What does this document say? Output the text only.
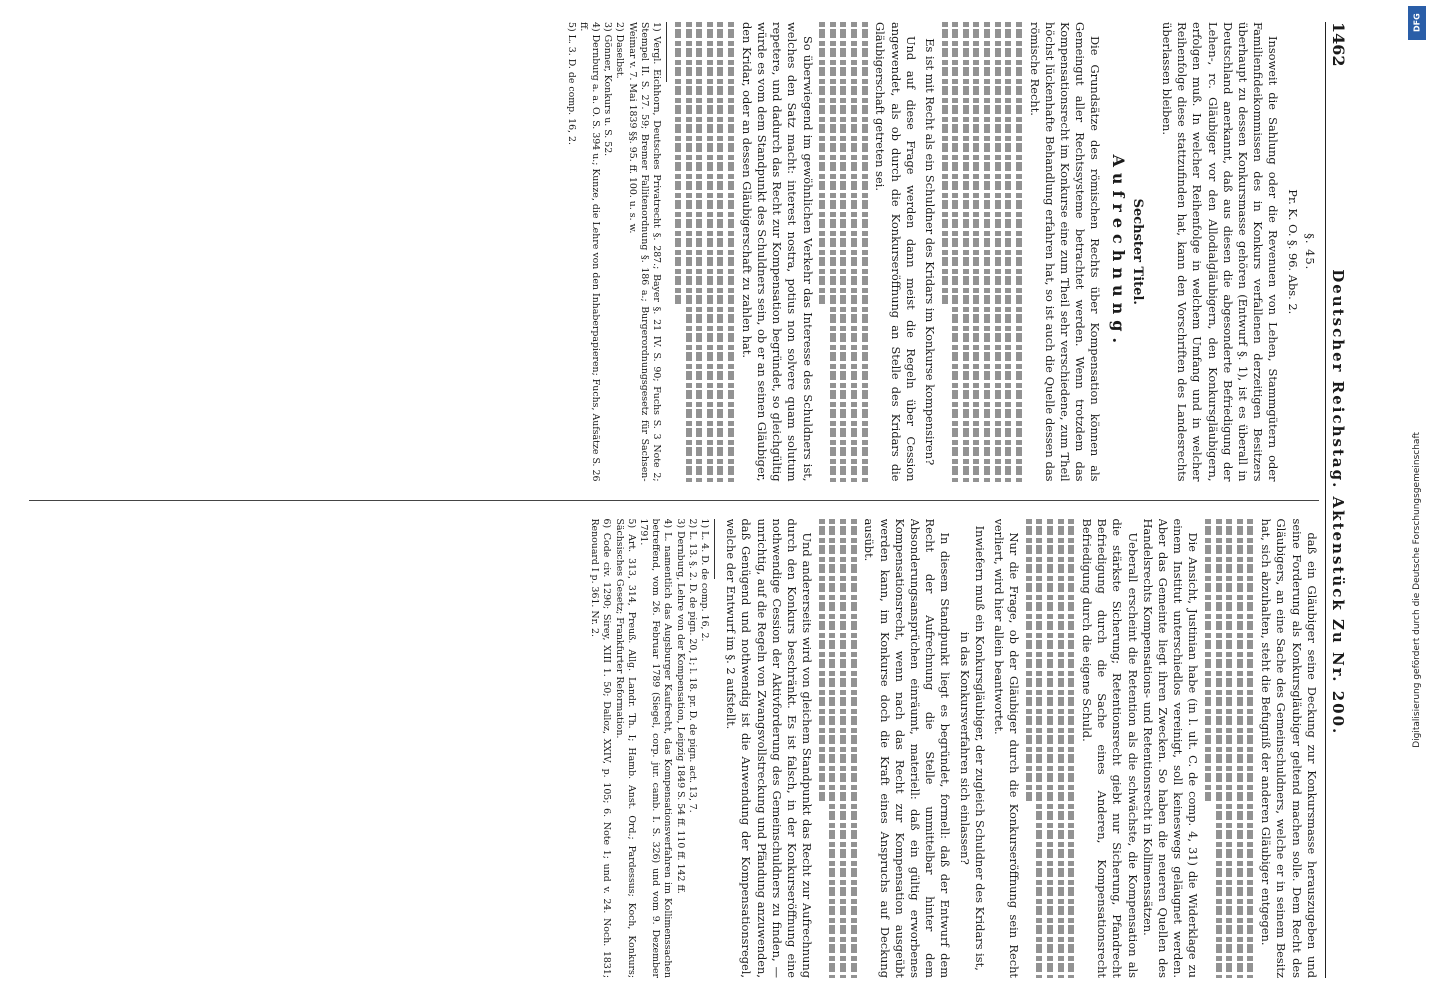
1462
Deutscher Reichstag. Aktenstück Zu Nr. 200.
§. 45.
Pr. K. O. §. 96. Abs. 2.

Insoweit die Sahlung oder die Revenuen von Lehen, Stammgütern oder Familienfideikommissen des in Konkurs verfallenen derzeitigen Besitzers überhaupt zu dessen Konkursmasse gehören (Entwurf §. 1), ist es überall in Deutschland anerkannt, daß aus diesen die abgesonderte Befriedigung der Lehen-, rc. Gläubiger vor den Allodialgläubigern, den Konkursgläubigern, erfolgen muß. In welcher Reihenfolge in welchem Umfang und in welcher Reihenfolge diese stattzufinden hat, kann den Vorschriften des Landesrechts überlassen bleiben.

Sechster Titel.
Aufrechnung.

Die Grundsätze des römischen Rechts über Kompensation können als Gemeingut aller Rechtssysteme betrachtet werden. Wenn trotzdem das Kompensationsrecht im Konkurse eine zum Theil sehr verschiedene, zum Theil höchst lückenhafte Behandlung erfahren hat, so ist auch die Quelle dessen das römische Recht.

Es ist mit Recht als ein Schuldner des Kridars im Konkurse kompensiren?

Und auf diese Frage werden dann meist die Regeln über Cession angewendet, als ob durch die Konkurseröffnung an Stelle des Kridars die Gläubigerschaft getreten sei.

So überwiegend im gewöhnlichen Verkehr das Interesse des Schuldners ist, welches den Satz macht: interest nostra, potius non solvere quam solutum repetere, und dadurch das Recht zur Kompensation begründet, so gleichgültig würde es vom dem Standpunkt des Schuldners sein, ob er an seinen Gläubiger, den Kridar, oder an dessen Gläubigerschaft zu zahlen hat.

1) Vergl. Eichhorn, Deutsches Privatrecht §. 287.; Bayer §. 21 IV. S. 90; Fuchs S. 3 Note 2; Stempel II. S. 27. 59; Bremer Fallitenordnung §. 186 a.; Burgerordnungsgesetz für Sachsen-Weimar v. 7. Mai 1839 §§. 95. ff. 100. u. s. w.

2) Daselbst.

3) Gönner, Konkurs u. S. 52.

4) Dernburg a. a. O. S. 394 u.; Kunze, die Lehre von den Inhaberpapieren; Fuchs, Aufsätze S. 26 ff.

5) L. 3. D. de comp. 16, 2.

daß ein Gläubiger seine Deckung zur Konkursmasse herauszugeben und seine Forderung als Konkursgläubiger geltend machen solle. Dem Recht des Gläubigers, an eine Sache des Gemeinschuldners, welche er in seinem Besitz hat, sich abzuhalten, steht die Befugniß der anderen Gläubiger entgegen.

Die Ansicht, Justinian habe (in l. ult. C. de comp. 4, 31) die Widerklage zu einem Institut unterschiedlos vereinigt, soll keineswegs geläugnet werden. Aber das Gemeinte liegt ihren Zwecken. So haben die neueren Quellen des Handelsrechts Kompensations- und Retentionsrecht in Kollimenssätzen.

Ueberall erscheint die Retention als die schwächste, die Kompensation als die stärkste Sicherung; Retentionsrecht giebt nur Sicherung, Pfandrecht Befriedigung durch die Sache eines Anderen, Kompensationsrecht Befriedigung durch die eigene Schuld.

Nur die Frage, ob der Gläubiger durch die Konkurseröffnung sein Recht verliert, wird hier allein beantwortet.

Inwiefern muß ein Konkursgläubiger, der zugleich Schuldner des Kridars ist, in das Konkursverfahren sich einlassen?

In diesem Standpunkt liegt es begründet, formell: daß der Entwurf dem Recht der Aufrechnung die Stelle unmittelbar hinter dem Absonderungsansprüchen einräumt, materiell: daß ein gültig erworbenes Kompensationsrecht, wenn nach das Recht zur Kompensation ausgeübt werden kann, im Konkurse doch die Kraft eines Anspruchs auf Deckung ausübt.

Und andererseits wird von gleichem Standpunkt das Recht zur Aufrechnung durch den Konkurs beschränkt. Es ist falsch, in der Konkurseröffnung eine nothwendige Cession der Aktivforderung des Gemeinschuldners zu finden, — unrichtig, auf die Regeln von Zwangsvollstreckung und Pfändung anzuwenden, daß Genügend und nothwendig ist die Anwendung der Kompensationsregel, welche der Entwurf im §. 2 aufstellt.

1) L. 4. D. de comp. 16, 2.

2) L. 13. §. 2. D. de pign. 20, 1; l. 18. pr. D. de pign. act. 13, 7.

3) Dernburg, Lehre von der Kompensation, Leipzig 1849 S. 54 ff. 110 ff. 142 ff.

4) L. namentlich das Augsburger Kaufrecht, das Kompensationsverfahren im Kollimenssachen betreffend, vom 26. Februar 1789 (Siegel, corp. jur. camb. I. S. 326) und vom 9. Dezember 1791.

5) Art. 313, 314, Preuß. Allg. Landr. Th. I; Hamb. Anst. Ord.; Pardessus; Koch, Konkurs; Sächsisches Gesetz; Frankfurter Reformation.

6) Code civ. 1290; Sirey, XIII 1. 50; Dalloz, XXIV, p. 105; 6. Note 1; und v. 24. Noch. 1831; Renouard I p. 361. Nr. 2.

DFG
Digitalisierung gefördert durch die Deutsche Forschungsgemeinschaft
